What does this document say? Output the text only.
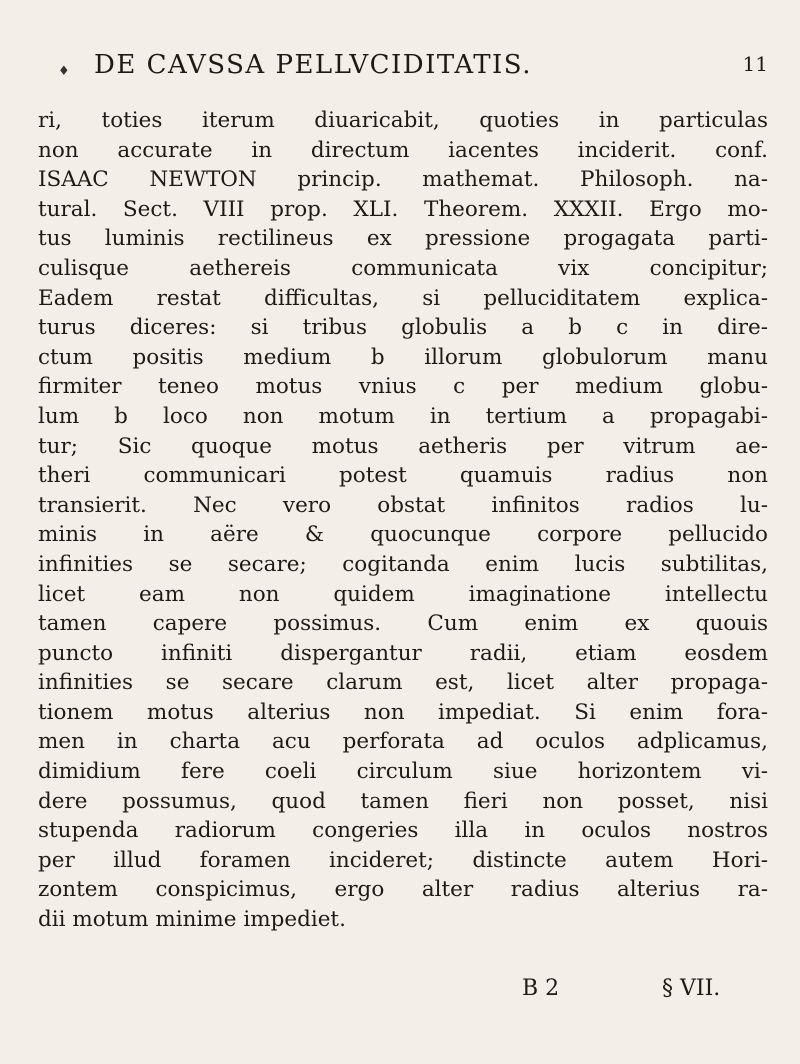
♦ DE CAVSSA PELLVCIDITATIS.	11
ri, toties iterum diuaricabit, quoties in particulas
non accurate in directum iacentes inciderit. conf.
ISAAC NEWTON princip. mathemat. Philosoph. na-
tural. Sect. VIII prop. XLI. Theorem. XXXII. Ergo mo-
tus luminis rectilineus ex pressione progagata parti-
culisque aethereis communicata vix concipitur;
Eadem restat difficultas, si pelluciditatem explica-
turus diceres: si tribus globulis a b c in dire-
ctum positis medium b illorum globulorum manu
firmiter teneo motus vnius c per medium globu-
lum b loco non motum in tertium a propagabi-
tur; Sic quoque motus aetheris per vitrum ae-
theri communicari potest quamuis radius non
transierit. Nec vero obstat infinitos radios lu-
minis in aëre & quocunque corpore pellucido
infinities se secare; cogitanda enim lucis subtilitas,
licet eam non quidem imaginatione intellectu
tamen capere possimus. Cum enim ex quouis
puncto infiniti dispergantur radii, etiam eosdem
infinities se secare clarum est, licet alter propaga-
tionem motus alterius non impediat. Si enim fora-
men in charta acu perforata ad oculos adplicamus,
dimidium fere coeli circulum siue horizontem vi-
dere possumus, quod tamen fieri non posset, nisi
stupenda radiorum congeries illa in oculos nostros
per illud foramen incideret; distincte autem Hori-
zontem conspicimus, ergo alter radius alterius ra-
dii motum minime impediet.
B 2	§ VII.
